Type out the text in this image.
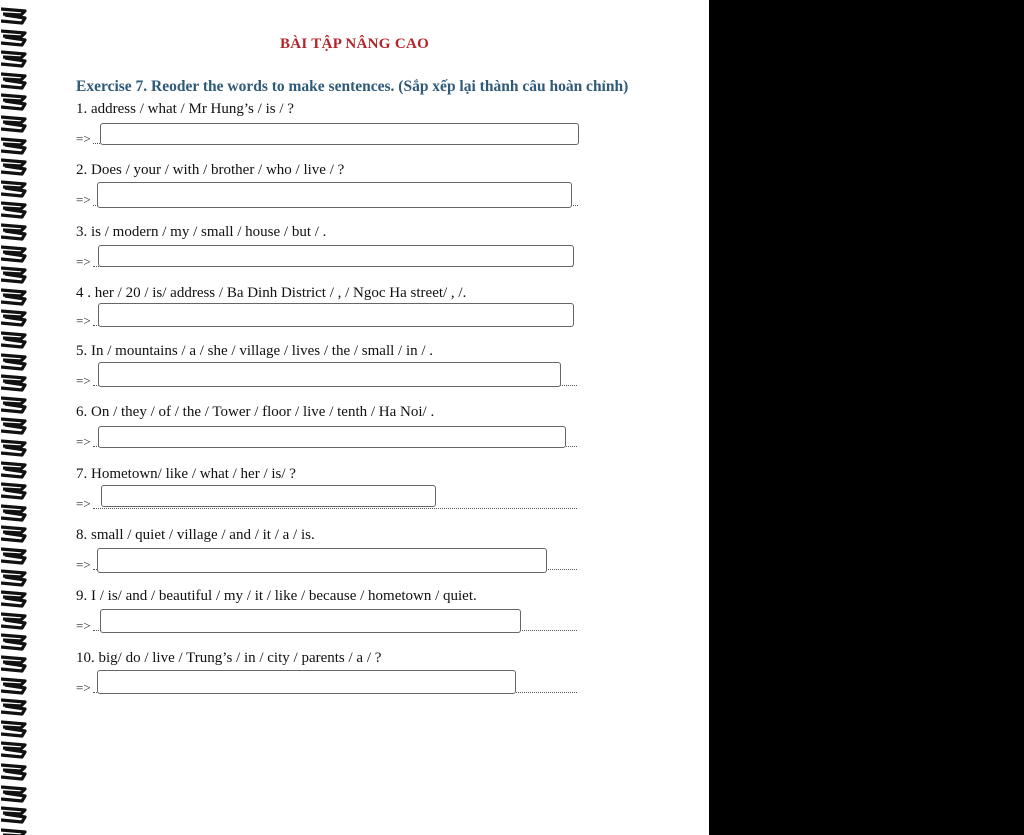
BÀI TẬP NÂNG CAO
Exercise 7. Reoder the words to make sentences. (Sắp xếp lại thành câu hoàn chỉnh)
1. address / what / Mr Hung’s / is / ?
=>
2. Does / your / with / brother / who / live / ?
=>
3. is / modern / my / small / house / but / .
=>
4 . her / 20 / is/ address / Ba Dinh District / , / Ngoc Ha street/ , /.
=>
5. In / mountains / a / she / village / lives / the / small / in / .
=>
6. On / they / of / the / Tower / floor / live / tenth / Ha Noi/ .
=>
7. Hometown/ like / what / her / is/ ?
=>
8. small / quiet / village / and / it / a / is.
=>
9. I / is/ and / beautiful / my / it / like / because / hometown / quiet.
=>
10. big/ do / live / Trung’s / in / city / parents / a / ?
=>
